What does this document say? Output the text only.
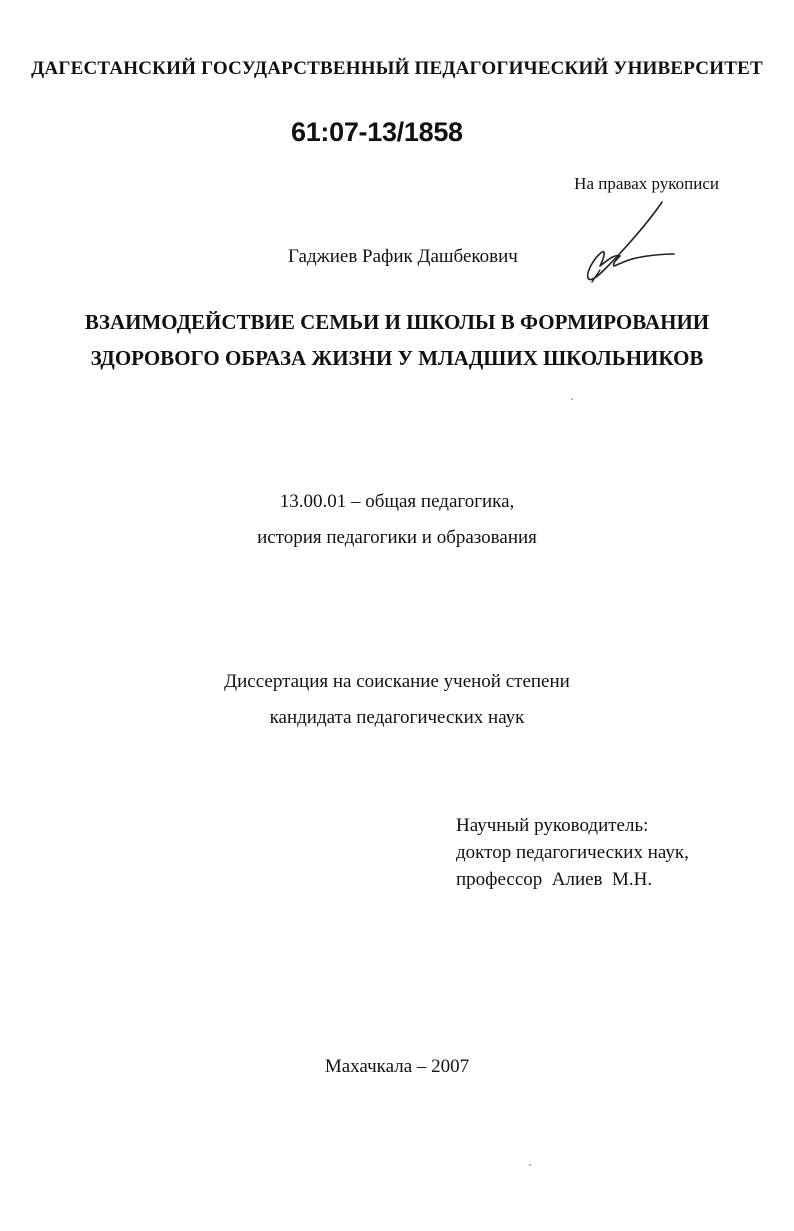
ДАГЕСТАНСКИЙ ГОСУДАРСТВЕННЫЙ ПЕДАГОГИЧЕСКИЙ УНИВЕРСИТЕТ
61:07-13/1858
На правах рукописи
Гаджиев Рафик Дашбекович
ВЗАИМОДЕЙСТВИЕ СЕМЬИ И ШКОЛЫ В ФОРМИРОВАНИИ
ЗДОРОВОГО ОБРАЗА ЖИЗНИ У МЛАДШИХ ШКОЛЬНИКОВ
13.00.01 – общая педагогика,
история педагогики и образования
Диссертация на соискание ученой степени
кандидата педагогических наук
Научный руководитель:
доктор педагогических наук,
профессор  Алиев  М.Н.
Махачкала – 2007
